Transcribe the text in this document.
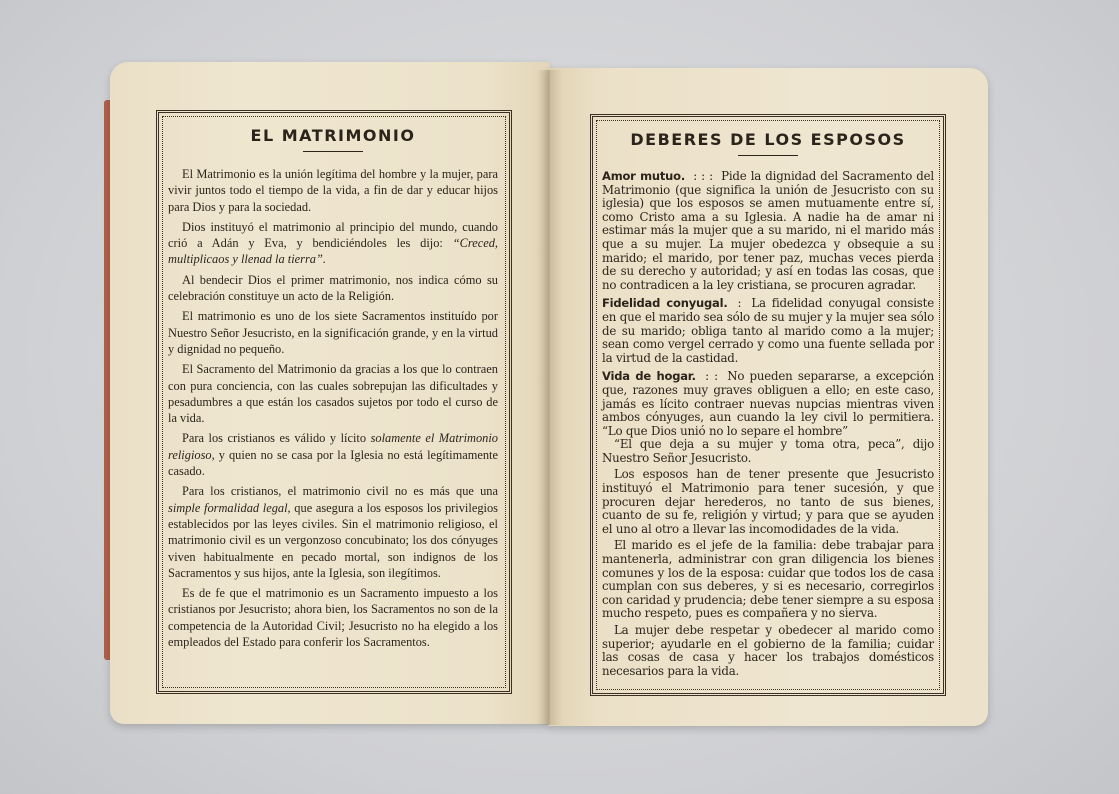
EL MATRIMONIO

El Matrimonio es la unión legítima del hombre y la mujer, para vivir juntos todo el tiempo de la vida, a fin de dar y educar hijos para Dios y para la sociedad.

Dios instituyó el matrimonio al principio del mundo, cuando crió a Adán y Eva, y bendiciéndoles les dijo: “Creced, multiplicaos y llenad la tierra”.

Al bendecir Dios el primer matrimonio, nos indica cómo su celebración constituye un acto de la Religión.

El matrimonio es uno de los siete Sacramentos instituído por Nuestro Señor Jesucristo, en la significación grande, y en la virtud y dignidad no pequeño.

El Sacramento del Matrimonio da gracias a los que lo contraen con pura conciencia, con las cuales sobrepujan las dificultades y pesadumbres a que están los casados sujetos por todo el curso de la vida.

Para los cristianos es válido y lícito solamente el Matrimonio religioso, y quien no se casa por la Iglesia no está legítimamente casado.

Para los cristianos, el matrimonio civil no es más que una simple formalidad legal, que asegura a los esposos los privilegios establecidos por las leyes civiles. Sin el matrimonio religioso, el matrimonio civil es un vergonzoso concubinato; los dos cónyuges viven habitualmente en pecado mortal, son indignos de los Sacramentos y sus hijos, ante la Iglesia, son ilegítimos.

Es de fe que el matrimonio es un Sacramento impuesto a los cristianos por Jesucristo; ahora bien, los Sacramentos no son de la competencia de la Autoridad Civil; Jesucristo no ha elegido a los empleados del Estado para conferir los Sacramentos.

DEBERES DE LOS ESPOSOS

Amor mutuo. : : : Pide la dignidad del Sacramento del Matrimonio (que significa la unión de Jesucristo con su iglesia) que los esposos se amen mutuamente entre sí, como Cristo ama a su Iglesia. A nadie ha de amar ni estimar más la mujer que a su marido, ni el marido más que a su mujer. La mujer obedezca y obsequie a su marido; el marido, por tener paz, muchas veces pierda de su derecho y autoridad; y así en todas las cosas, que no contradicen a la ley cristiana, se procuren agradar.

Fidelidad conyugal. : La fidelidad conyugal consiste en que el marido sea sólo de su mujer y la mujer sea sólo de su marido; obliga tanto al marido como a la mujer; sean como vergel cerrado y como una fuente sellada por la virtud de la castidad.

Vida de hogar. : : No pueden separarse, a excepción que, razones muy graves obliguen a ello; en este caso, jamás es lícito contraer nuevas nupcias mientras viven ambos cónyuges, aun cuando la ley civil lo permitiera. “Lo que Dios unió no lo separe el hombre”

“El que deja a su mujer y toma otra, peca”, dijo Nuestro Señor Jesucristo.

Los esposos han de tener presente que Jesucristo instituyó el Matrimonio para tener sucesión, y que procuren dejar herederos, no tanto de sus bienes, cuanto de su fe, religión y virtud; y para que se ayuden el uno al otro a llevar las incomodidades de la vida.

El marido es el jefe de la familia: debe trabajar para mantenerla, administrar con gran diligencia los bienes comunes y los de la esposa: cuidar que todos los de casa cumplan con sus deberes, y si es necesario, corregirlos con caridad y prudencia; debe tener siempre a su esposa mucho respeto, pues es compañera y no sierva.

La mujer debe respetar y obedecer al marido como superior; ayudarle en el gobierno de la familia; cuidar las cosas de casa y hacer los trabajos domésticos necesarios para la vida.
